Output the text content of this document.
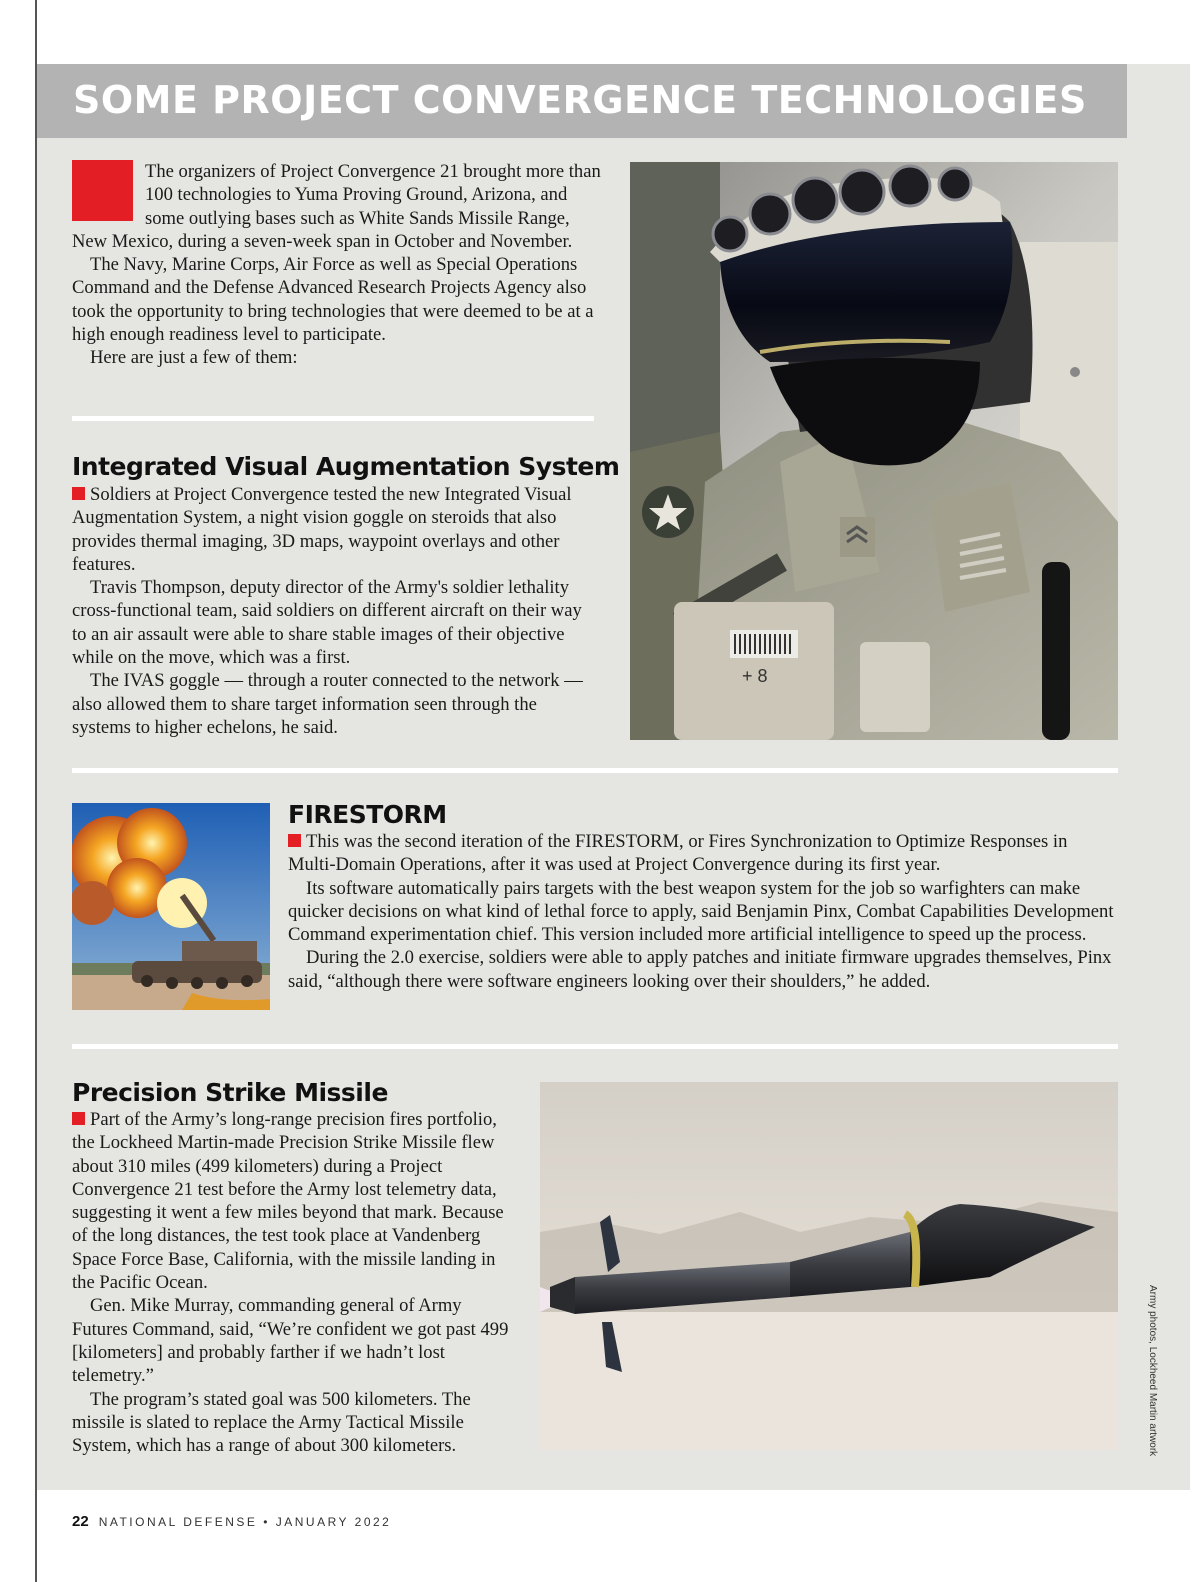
SOME PROJECT CONVERGENCE TECHNOLOGIES

The organizers of Project Convergence 21 brought more than 100 technologies to Yuma Proving Ground, Arizona, and some outlying bases such as White Sands Missile Range, New Mexico, during a seven-week span in October and November.

The Navy, Marine Corps, Air Force as well as Special Operations Command and the Defense Advanced Research Projects Agency also took the opportunity to bring technologies that were deemed to be at a high enough readiness level to participate.

Here are just a few of them:

Integrated Visual Augmentation System

Soldiers at Project Convergence tested the new Integrated Visual Augmentation System, a night vision goggle on steroids that also provides thermal imaging, 3D maps, waypoint overlays and other features.

Travis Thompson, deputy director of the Army's soldier lethality cross-functional team, said soldiers on different aircraft on their way to an air assault were able to share stable images of their objective while on the move, which was a first.

The IVAS goggle — through a router connected to the network — also allowed them to share target information seen through the systems to higher echelons, he said.

+ 8
FIRESTORM

This was the second iteration of the FIRESTORM, or Fires Synchronization to Optimize Responses in Multi-Domain Operations, after it was used at Project Convergence during its first year.

Its software automatically pairs targets with the best weapon system for the job so warfighters can make quicker decisions on what kind of lethal force to apply, said Benjamin Pinx, Combat Capabilities Development Command experimentation chief. This version included more artificial intelligence to speed up the process.

During the 2.0 exercise, soldiers were able to apply patches and initiate firmware upgrades themselves, Pinx said, “although there were software engineers looking over their shoulders,” he added.

Precision Strike Missile

Part of the Army’s long-range precision fires portfolio, the Lockheed Martin-made Precision Strike Missile flew about 310 miles (499 kilometers) during a Project Convergence 21 test before the Army lost telemetry data, suggesting it went a few miles beyond that mark. Because of the long distances, the test took place at Vandenberg Space Force Base, California, with the missile landing in the Pacific Ocean.

Gen. Mike Murray, commanding general of Army Futures Command, said, “We’re confident we got past 499 [kilometers] and probably farther if we hadn’t lost telemetry.”

The program’s stated goal was 500 kilometers. The missile is slated to replace the Army Tactical Missile System, which has a range of about 300 kilometers.	Army photos, Lockheed Martin artwork
22 NATIONAL DEFENSE • JANUARY 2022
